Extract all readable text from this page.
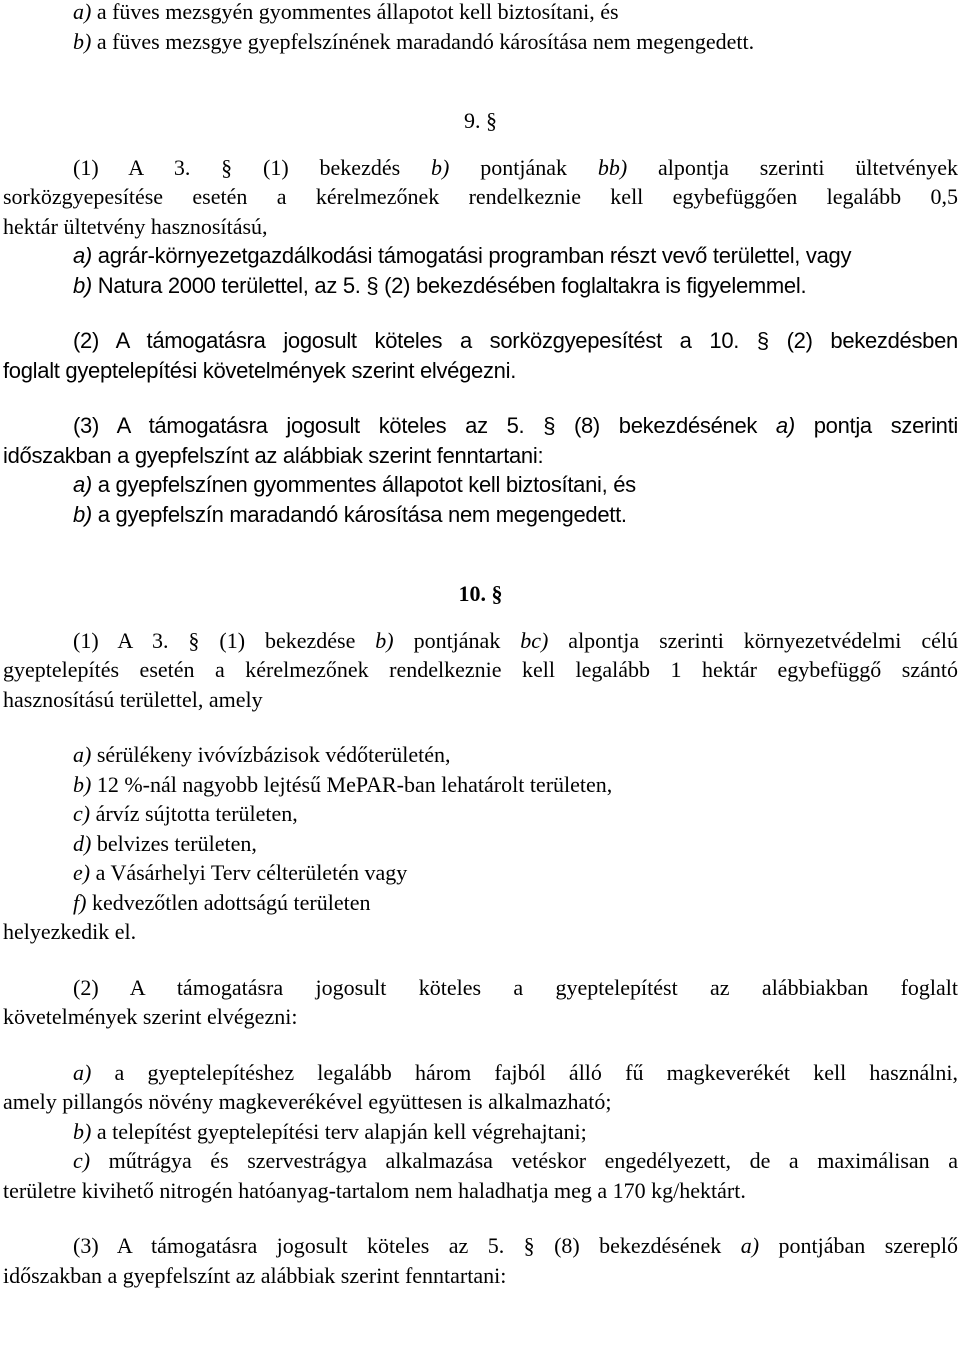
a) a füves mezsgyén gyommentes állapotot kell biztosítani, és
b) a füves mezsgye gyepfelszínének maradandó károsítása nem megengedett.
9. §
(1) A 3. § (1) bekezdés b) pontjának bb) alpontja szerinti ültetvények
sorközgyepesítése esetén a kérelmezőnek rendelkeznie kell egybefüggően legalább 0,5
hektár ültetvény hasznosítású,
a) agrár-környezetgazdálkodási támogatási programban részt vevő területtel, vagy
b) Natura 2000 területtel, az 5. § (2) bekezdésében foglaltakra is figyelemmel.
(2) A támogatásra jogosult köteles a sorközgyepesítést a 10. § (2) bekezdésben
foglalt gyeptelepítési követelmények szerint elvégezni.
(3) A támogatásra jogosult köteles az 5. § (8) bekezdésének a) pontja szerinti
időszakban a gyepfelszínt az alábbiak szerint fenntartani:
a) a gyepfelszínen gyommentes állapotot kell biztosítani, és
b) a gyepfelszín maradandó károsítása nem megengedett.
10. §
(1) A 3. § (1) bekezdése b) pontjának bc) alpontja szerinti környezetvédelmi célú
gyeptelepítés esetén a kérelmezőnek rendelkeznie kell legalább 1 hektár egybefüggő szántó
hasznosítású területtel, amely
a) sérülékeny ivóvízbázisok védőterületén,
b) 12 %-nál nagyobb lejtésű MePAR-ban lehatárolt területen,
c) árvíz sújtotta területen,
d) belvizes területen,
e) a Vásárhelyi Terv célterületén vagy
f) kedvezőtlen adottságú területen
helyezkedik el.
(2) A támogatásra jogosult köteles a gyeptelepítést az alábbiakban foglalt
követelmények szerint elvégezni:
a) a gyeptelepítéshez legalább három fajból álló fű magkeverékét kell használni,
amely pillangós növény magkeverékével együttesen is alkalmazható;
b) a telepítést gyeptelepítési terv alapján kell végrehajtani;
c) műtrágya és szervestrágya alkalmazása vetéskor engedélyezett, de a maximálisan a
területre kivihető nitrogén hatóanyag-tartalom nem haladhatja meg a 170 kg/hektárt.
(3) A támogatásra jogosult köteles az 5. § (8) bekezdésének a) pontjában szereplő
időszakban a gyepfelszínt az alábbiak szerint fenntartani:
